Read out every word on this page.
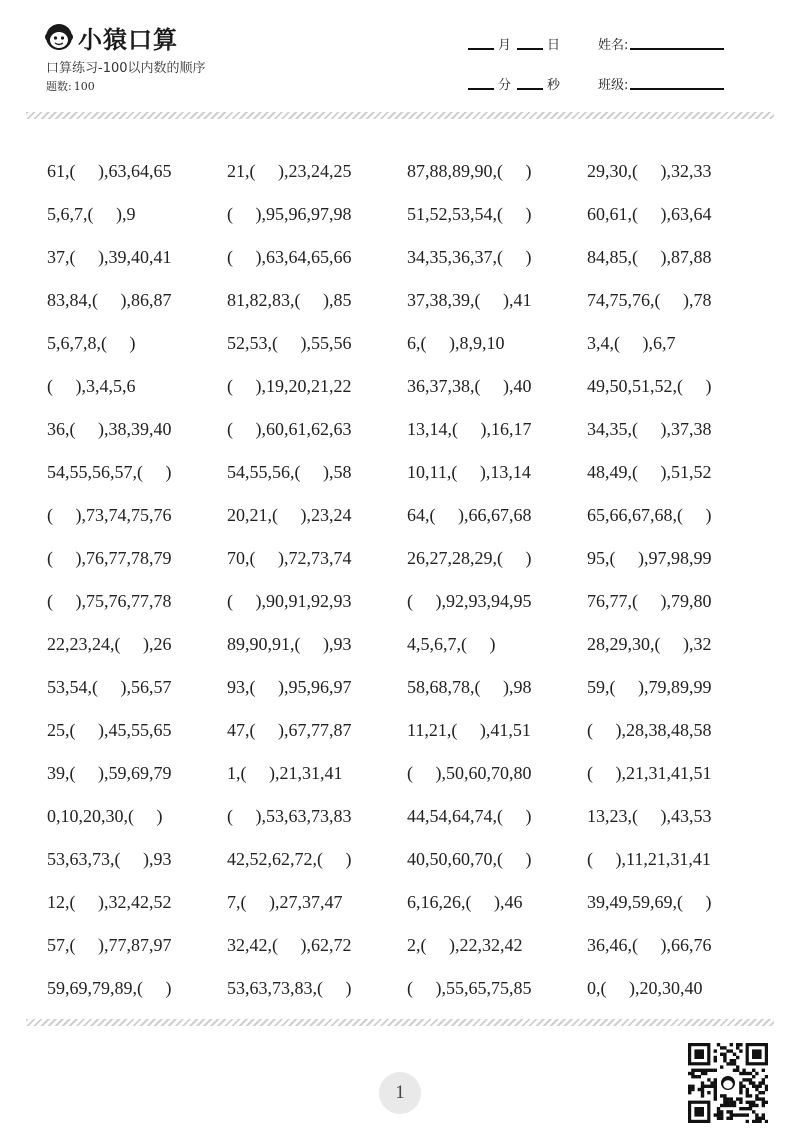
小猿口算
口算练习-100以内数的顺序
题数: 100
月	日	姓名:
分	秒	班级:
61,(     ),63,64,65	21,(     ),23,24,25	87,88,89,90,(     )	29,30,(     ),32,33
5,6,7,(     ),9	(     ),95,96,97,98	51,52,53,54,(     )	60,61,(     ),63,64
37,(     ),39,40,41	(     ),63,64,65,66	34,35,36,37,(     )	84,85,(     ),87,88
83,84,(     ),86,87	81,82,83,(     ),85	37,38,39,(     ),41	74,75,76,(     ),78
5,6,7,8,(     )	52,53,(     ),55,56	6,(     ),8,9,10	3,4,(     ),6,7
(     ),3,4,5,6	(     ),19,20,21,22	36,37,38,(     ),40	49,50,51,52,(     )
36,(     ),38,39,40	(     ),60,61,62,63	13,14,(     ),16,17	34,35,(     ),37,38
54,55,56,57,(     )	54,55,56,(     ),58	10,11,(     ),13,14	48,49,(     ),51,52
(     ),73,74,75,76	20,21,(     ),23,24	64,(     ),66,67,68	65,66,67,68,(     )
(     ),76,77,78,79	70,(     ),72,73,74	26,27,28,29,(     )	95,(     ),97,98,99
(     ),75,76,77,78	(     ),90,91,92,93	(     ),92,93,94,95	76,77,(     ),79,80
22,23,24,(     ),26	89,90,91,(     ),93	4,5,6,7,(     )	28,29,30,(     ),32
53,54,(     ),56,57	93,(     ),95,96,97	58,68,78,(     ),98	59,(     ),79,89,99
25,(     ),45,55,65	47,(     ),67,77,87	11,21,(     ),41,51	(     ),28,38,48,58
39,(     ),59,69,79	1,(     ),21,31,41	(     ),50,60,70,80	(     ),21,31,41,51
0,10,20,30,(     )	(     ),53,63,73,83	44,54,64,74,(     )	13,23,(     ),43,53
53,63,73,(     ),93	42,52,62,72,(     )	40,50,60,70,(     )	(     ),11,21,31,41
12,(     ),32,42,52	7,(     ),27,37,47	6,16,26,(     ),46	39,49,59,69,(     )
57,(     ),77,87,97	32,42,(     ),62,72	2,(     ),22,32,42	36,46,(     ),66,76
59,69,79,89,(     )	53,63,73,83,(     )	(     ),55,65,75,85	0,(     ),20,30,40
1
